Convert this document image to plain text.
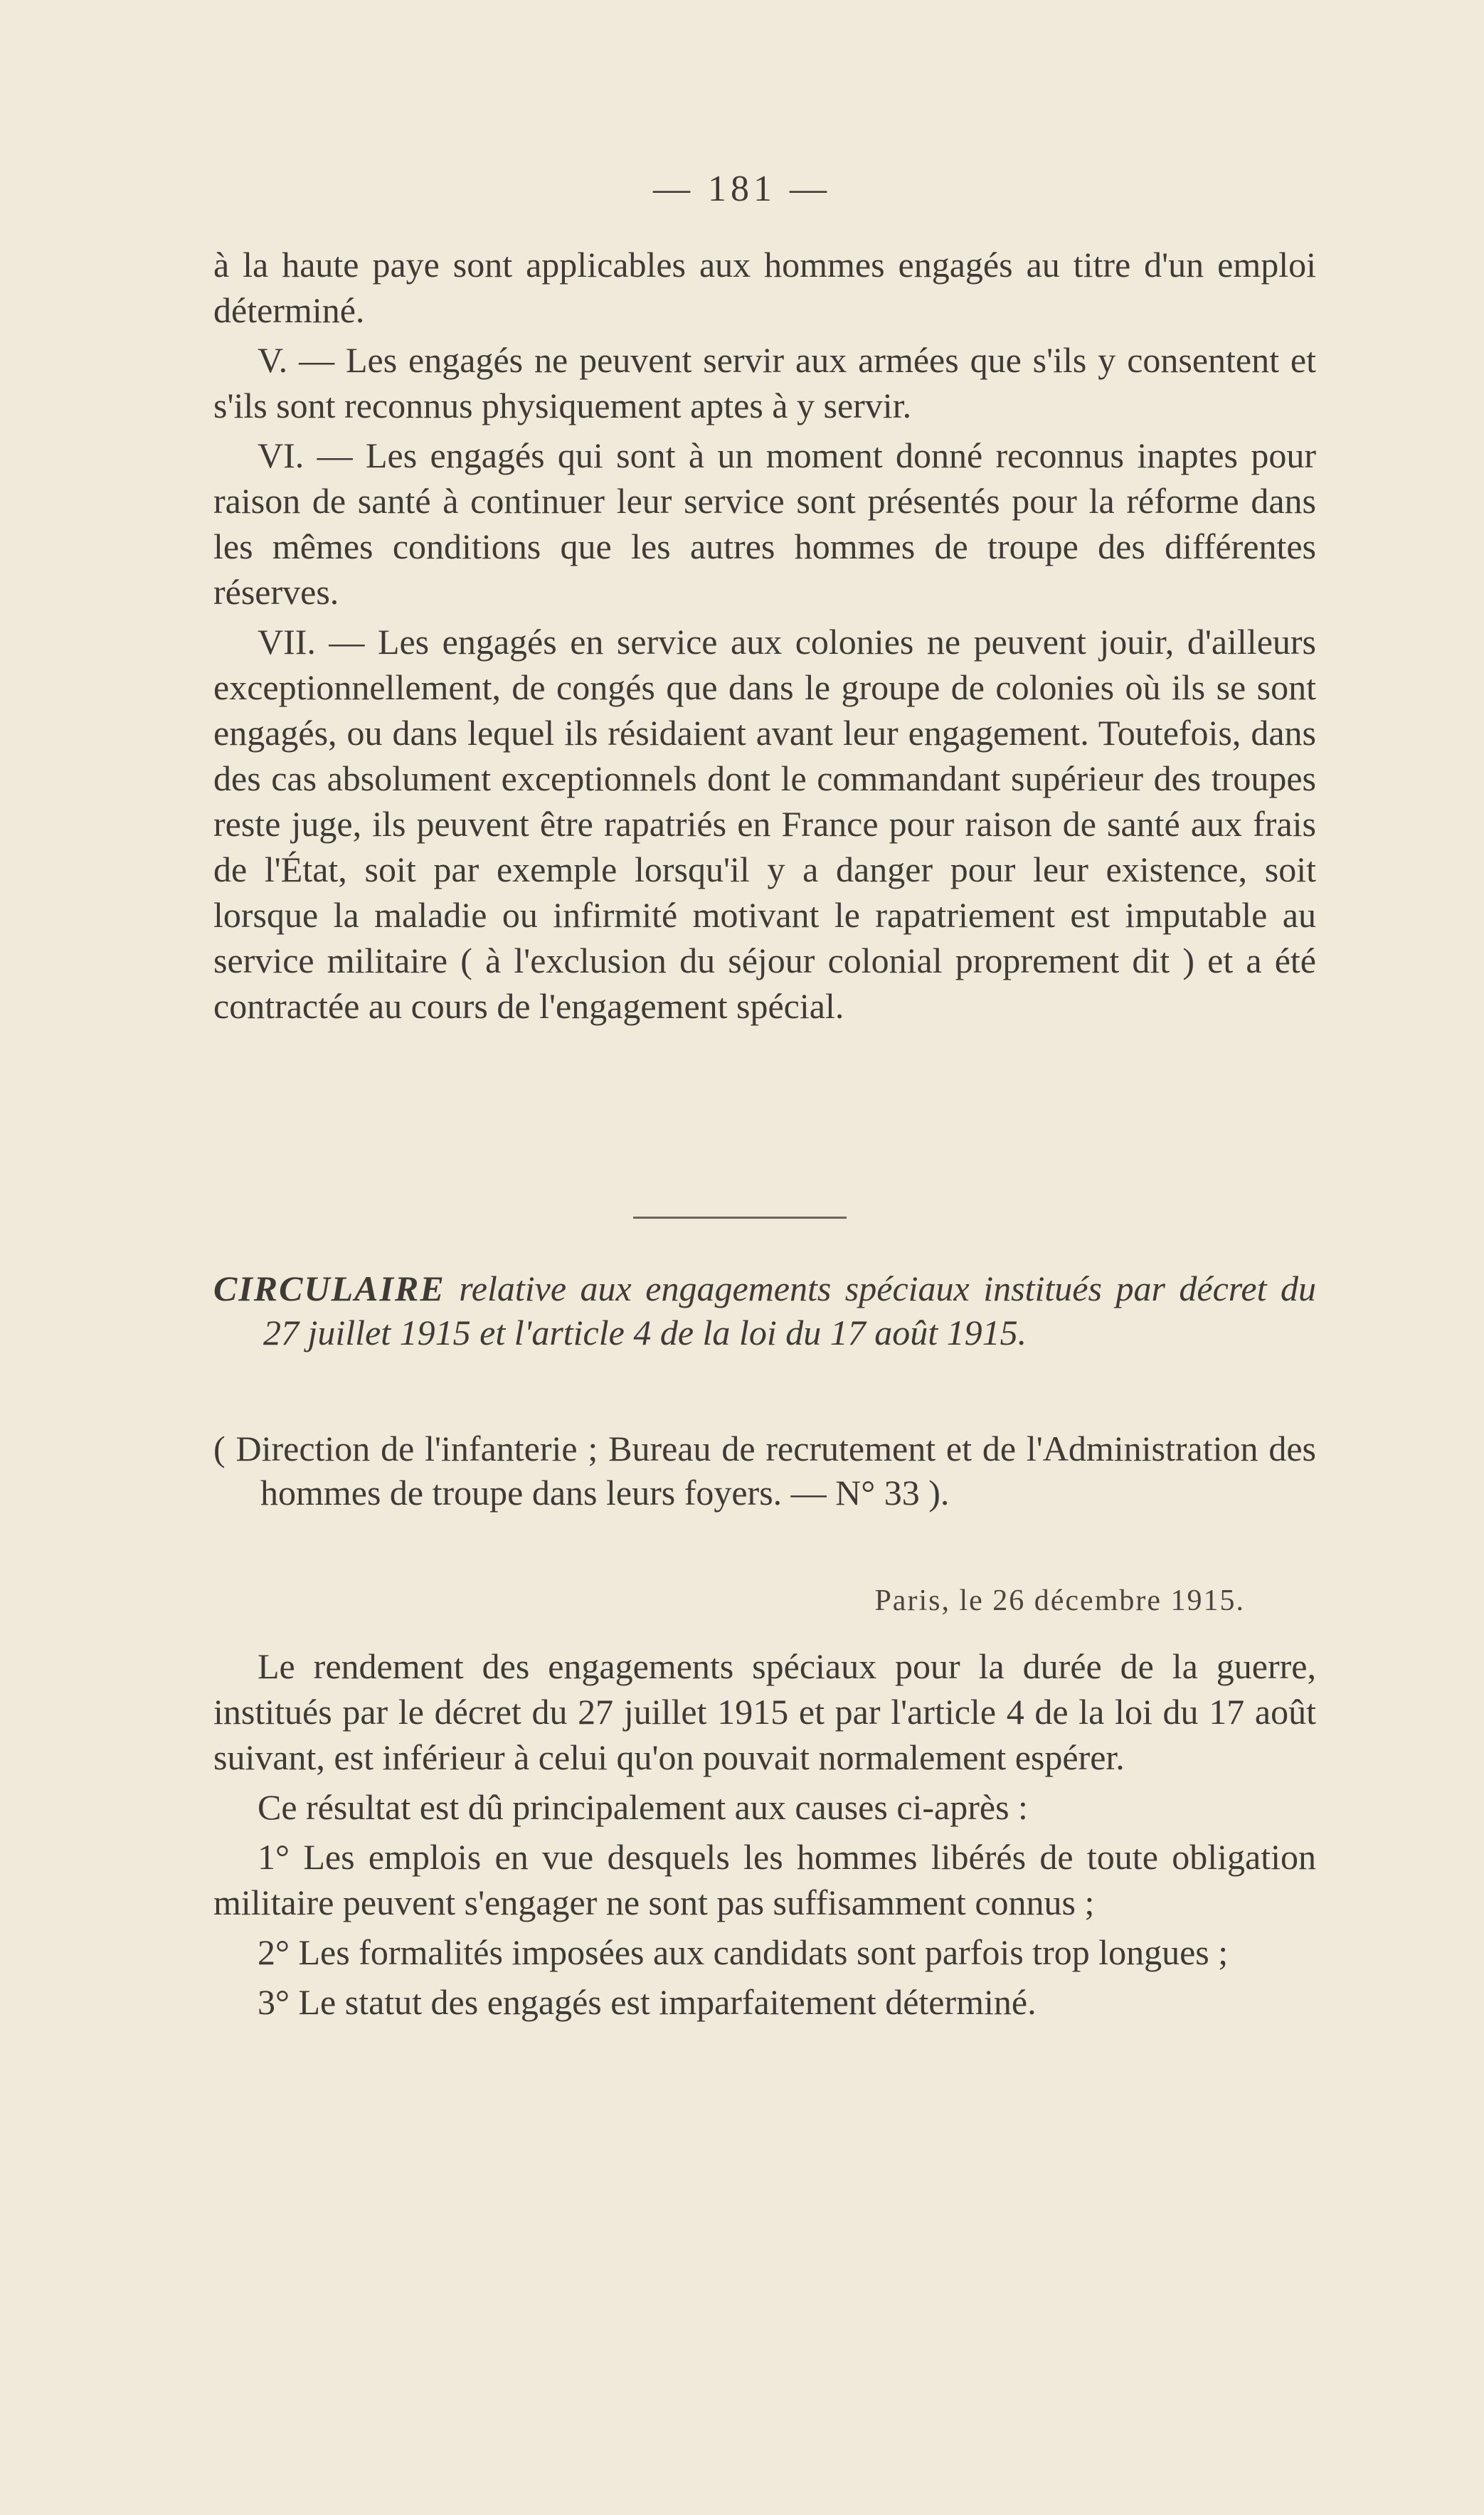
— 181 —

à la haute paye sont applicables aux hommes engagés au titre d'un emploi déterminé.

V. — Les engagés ne peuvent servir aux armées que s'ils y consentent et s'ils sont reconnus physiquement aptes à y servir.

VI. — Les engagés qui sont à un moment donné reconnus inaptes pour raison de santé à continuer leur service sont présentés pour la réforme dans les mêmes conditions que les autres hommes de troupe des différentes réserves.

VII. — Les engagés en service aux colonies ne peuvent jouir, d'ailleurs exceptionnellement, de congés que dans le groupe de colonies où ils se sont engagés, ou dans lequel ils résidaient avant leur engagement. Toutefois, dans des cas absolument exceptionnels dont le commandant supérieur des troupes reste juge, ils peuvent être rapatriés en France pour raison de santé aux frais de l'État, soit par exemple lorsqu'il y a danger pour leur existence, soit lorsque la maladie ou infirmité motivant le rapatriement est imputable au service militaire ( à l'exclusion du séjour colonial proprement dit ) et a été contractée au cours de l'engagement spécial.

CIRCULAIRE relative aux engagements spéciaux institués par décret du 27 juillet 1915 et l'article 4 de la loi du 17 août 1915.
( Direction de l'infanterie ; Bureau de recrutement et de l'Administration des hommes de troupe dans leurs foyers. — N° 33 ).
Paris, le 26 décembre 1915.

Le rendement des engagements spéciaux pour la durée de la guerre, institués par le décret du 27 juillet 1915 et par l'article 4 de la loi du 17 août suivant, est inférieur à celui qu'on pouvait normalement espérer.

Ce résultat est dû principalement aux causes ci-après :

1° Les emplois en vue desquels les hommes libérés de toute obligation militaire peuvent s'engager ne sont pas suffisamment connus ;

2° Les formalités imposées aux candidats sont parfois trop longues ;

3° Le statut des engagés est imparfaitement déterminé.
